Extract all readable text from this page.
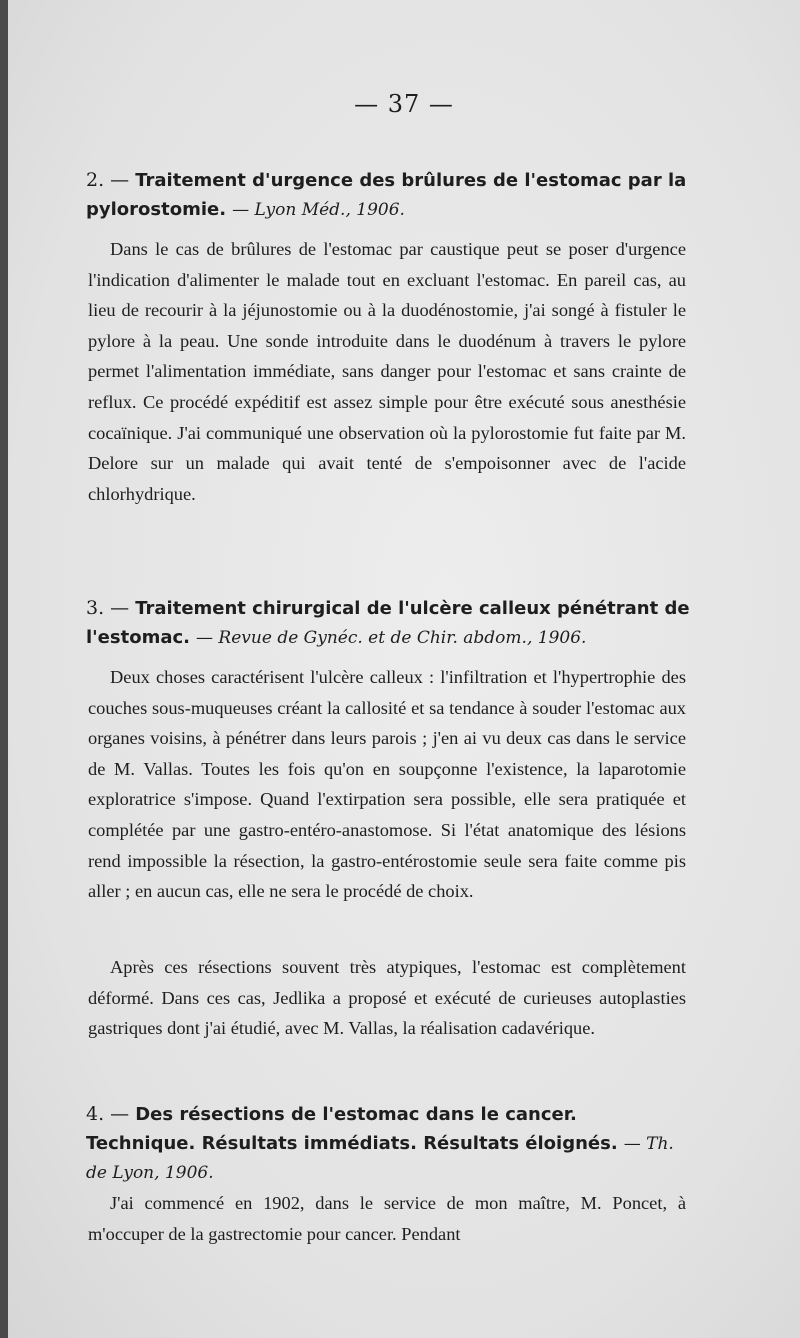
— 37 —
2. — Traitement d'urgence des brûlures de l'estomac par la pylorostomie. — Lyon Méd., 1906.
Dans le cas de brûlures de l'estomac par caustique peut se poser d'urgence l'indication d'alimenter le malade tout en excluant l'estomac. En pareil cas, au lieu de recourir à la jéjunostomie ou à la duodénostomie, j'ai songé à fistuler le pylore à la peau. Une sonde introduite dans le duodénum à travers le pylore permet l'alimentation immédiate, sans danger pour l'estomac et sans crainte de reflux. Ce procédé expéditif est assez simple pour être exécuté sous anesthésie cocaïnique. J'ai communiqué une observation où la pylorostomie fut faite par M. Delore sur un malade qui avait tenté de s'empoisonner avec de l'acide chlorhydrique.
3. — Traitement chirurgical de l'ulcère calleux pénétrant de l'estomac. — Revue de Gynéc. et de Chir. abdom., 1906.
Deux choses caractérisent l'ulcère calleux : l'infiltration et l'hypertrophie des couches sous-muqueuses créant la callosité et sa tendance à souder l'estomac aux organes voisins, à pénétrer dans leurs parois ; j'en ai vu deux cas dans le service de M. Vallas. Toutes les fois qu'on en soupçonne l'existence, la laparotomie exploratrice s'impose. Quand l'extirpation sera possible, elle sera pratiquée et complétée par une gastro-entéro-anastomose. Si l'état anatomique des lésions rend impossible la résection, la gastro-entérostomie seule sera faite comme pis aller ; en aucun cas, elle ne sera le procédé de choix.
Après ces résections souvent très atypiques, l'estomac est complètement déformé. Dans ces cas, Jedlika a proposé et exécuté de curieuses autoplasties gastriques dont j'ai étudié, avec M. Vallas, la réalisation cadavérique.
4. — Des résections de l'estomac dans le cancer. Technique. Résultats immédiats. Résultats éloignés. — Th. de Lyon, 1906.
J'ai commencé en 1902, dans le service de mon maître, M. Poncet, à m'occuper de la gastrectomie pour cancer. Pendant
